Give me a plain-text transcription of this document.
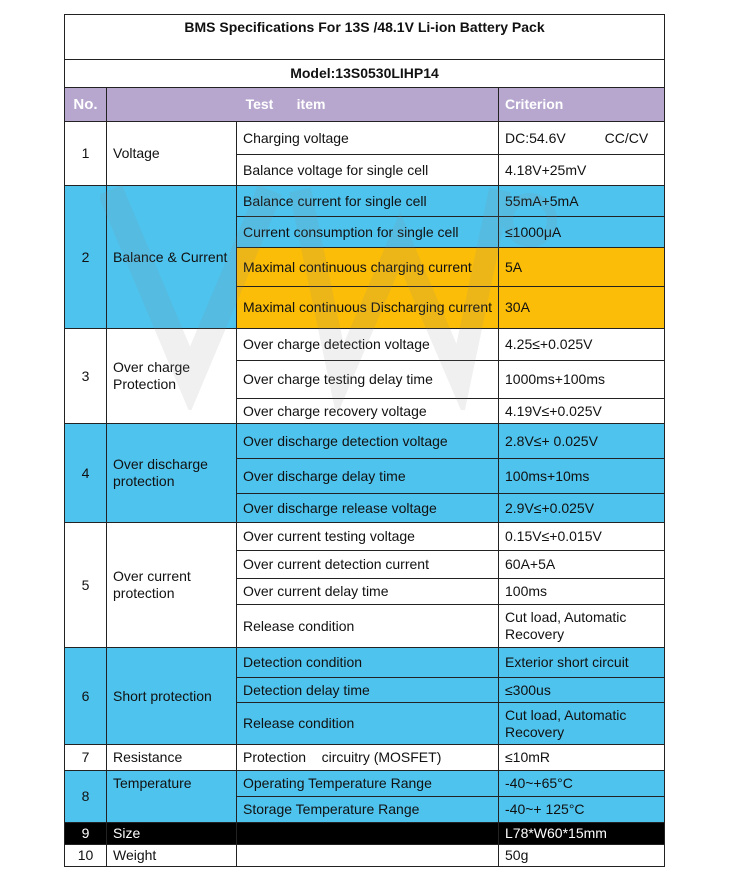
BMS Specifications For 13S /48.1V Li-ion Battery Pack			

Model:13S0530LIHP14			
No.	Test      item		Criterion
1	Voltage	Charging voltage	DC:54.6V          CC/CV
		Balance voltage for single cell	4.18V+25mV
2	Balance & Current	Balance current for single cell	55mA+5mA
		Current consumption for single cell	≤1000μA
		Maximal continuous charging current	5A
		Maximal continuous Discharging current	30A
3	Over charge Protection	Over charge detection voltage	4.25≤+0.025V
		Over charge testing delay time	1000ms+100ms
		Over charge recovery voltage	4.19V≤+0.025V
4	Over discharge protection	Over discharge detection voltage	2.8V≤+ 0.025V
		Over discharge delay time	100ms+10ms
		Over discharge release voltage	2.9V≤+0.025V
5	Over current protection	Over current testing voltage	0.15V≤+0.015V
		Over current detection current	60A+5A
		Over current delay time	100ms
		Release condition	Cut load, Automatic Recovery
6	Short protection	Detection condition	Exterior short circuit
		Detection delay time	≤300us
		Release condition	Cut load, Automatic Recovery
7	Resistance	Protection    circuitry (MOSFET)	≤10mR
8	Temperature	Operating Temperature Range	-40~+65°C
		Storage Temperature Range	-40~+ 125°C
9	Size		L78*W60*15mm
10	Weight		50g
